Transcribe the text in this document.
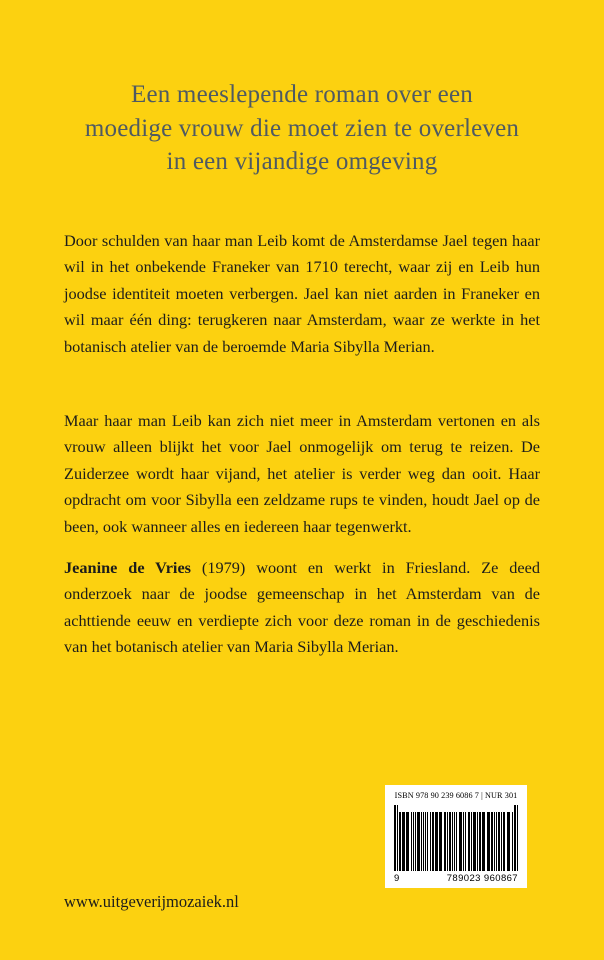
Een meeslepende roman over een
moedige vrouw die moet zien te overleven
in een vijandige omgeving
Door schulden van haar man Leib komt de Amsterdamse Jael tegen haar wil in het onbekende Franeker van 1710 terecht, waar zij en Leib hun joodse identiteit moeten verbergen. Jael kan niet aarden in Franeker en wil maar één ding: terugkeren naar Amsterdam, waar ze werkte in het botanisch atelier van de beroemde Maria Sibylla Merian.
Maar haar man Leib kan zich niet meer in Amsterdam vertonen en als vrouw alleen blijkt het voor Jael onmogelijk om terug te reizen. De Zuiderzee wordt haar vijand, het atelier is verder weg dan ooit. Haar opdracht om voor Sibylla een zeldzame rups te vinden, houdt Jael op de been, ook wanneer alles en iedereen haar tegenwerkt.
Jeanine de Vries (1979) woont en werkt in Friesland. Ze deed onderzoek naar de joodse gemeenschap in het Amsterdam van de achttiende eeuw en verdiepte zich voor deze roman in de geschiedenis van het botanisch atelier van Maria Sibylla Merian.
ISBN 978 90 239 6086 7 | NUR 301
9	789023 960867
www.uitgeverijmozaiek.nl
